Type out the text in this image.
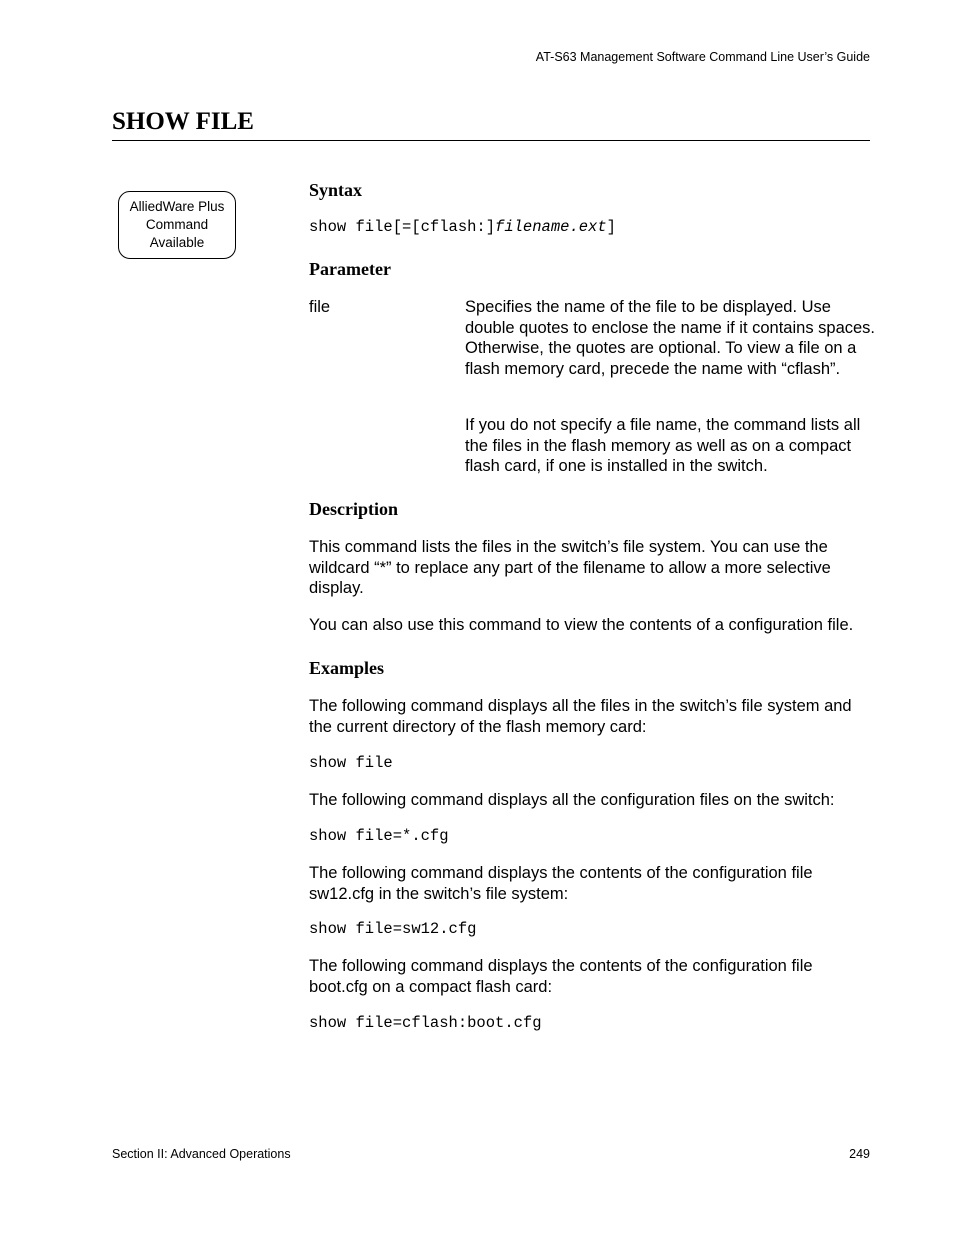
AT-S63 Management Software Command Line User’s Guide
SHOW FILE
AlliedWare Plus
Command
Available
Syntax
show file[=[cflash:]filename.ext]
Parameter
file	Specifies the name of the file to be displayed. Use double quotes to enclose the name if it contains spaces. Otherwise, the quotes are optional. To view a file on a flash memory card, precede the name with “cflash”.

If you do not specify a file name, the command lists all the files in the flash memory as well as on a compact flash card, if one is installed in the switch.

Description

This command lists the files in the switch’s file system. You can use the wildcard “*” to replace any part of the filename to allow a more selective display.

You can also use this command to view the contents of a configuration file.

Examples

The following command displays all the files in the switch’s file system and the current directory of the flash memory card:

show file

The following command displays all the configuration files on the switch:

show file=*.cfg

The following command displays the contents of the configuration file sw12.cfg in the switch’s file system:

show file=sw12.cfg

The following command displays the contents of the configuration file boot.cfg on a compact flash card:

show file=cflash:boot.cfg
Section II: Advanced Operations	249
